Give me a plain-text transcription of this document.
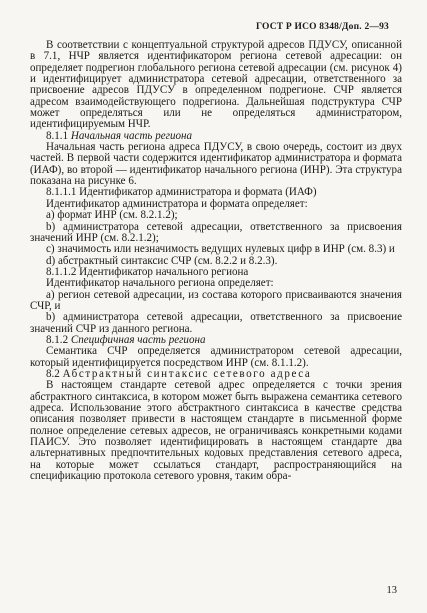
ГОСТ Р ИСО 8348/Доп. 2—93

В соответствии с концептуальной структурой адресов ПДУСУ, описанной в 7.1, НЧР является идентификатором региона сетевой адресации: он определяет подрегион глобального региона сетевой адресации (см. рисунок 4) и идентифицирует администратора сетевой адресации, ответственного за присвоение адресов ПДУСУ в определенном подрегионе. СЧР является адресом взаимодействующего подрегиона. Дальнейшая подструктура СЧР может определяться или не определяться администратором, идентифицируемым НЧР.

8.1.1 Начальная часть региона

Начальная часть региона адреса ПДУСУ, в свою очередь, состоит из двух частей. В первой части содержится идентификатор администратора и формата (ИАФ), во второй — идентификатор начального региона (ИНР). Эта структура показана на рисунке 6.

8.1.1.1 Идентификатор администратора и формата (ИАФ)

Идентификатор администратора и формата определяет:

а) формат ИНР (см. 8.2.1.2);

b) администратора сетевой адресации, ответственного за присвоения значений ИНР (см. 8.2.1.2);

с) значимость или незначимость ведущих нулевых цифр в ИНР (см. 8.3) и

d) абстрактный синтаксис СЧР (см. 8.2.2 и 8.2.3).

8.1.1.2 Идентификатор начального региона

Идентификатор начального региона определяет:

а) регион сетевой адресации, из состава которого присваиваются значения СЧР, и

b) администратора сетевой адресации, ответственного за присвоение значений СЧР из данного региона.

8.1.2 Специфичная часть региона

Семантика СЧР определяется администратором сетевой адресации, который идентифицируется посредством ИНР (см. 8.1.1.2).

8.2 Абстрактный синтаксис сетевого адреса

В настоящем стандарте сетевой адрес определяется с точки зрения абстрактного синтаксиса, в котором может быть выражена семантика сетевого адреса. Использование этого абстрактного синтаксиса в качестве средства описания позволяет привести в настоящем стандарте в письменной форме полное определение сетевых адресов, не ограничиваясь конкретными кодами ПАИСУ. Это позволяет идентифицировать в настоящем стандарте два альтернативных предпочтительных кодовых представления сетевого адреса, на которые может ссылаться стандарт, распространяющийся на спецификацию протокола сетевого уровня, таким обра-

13
